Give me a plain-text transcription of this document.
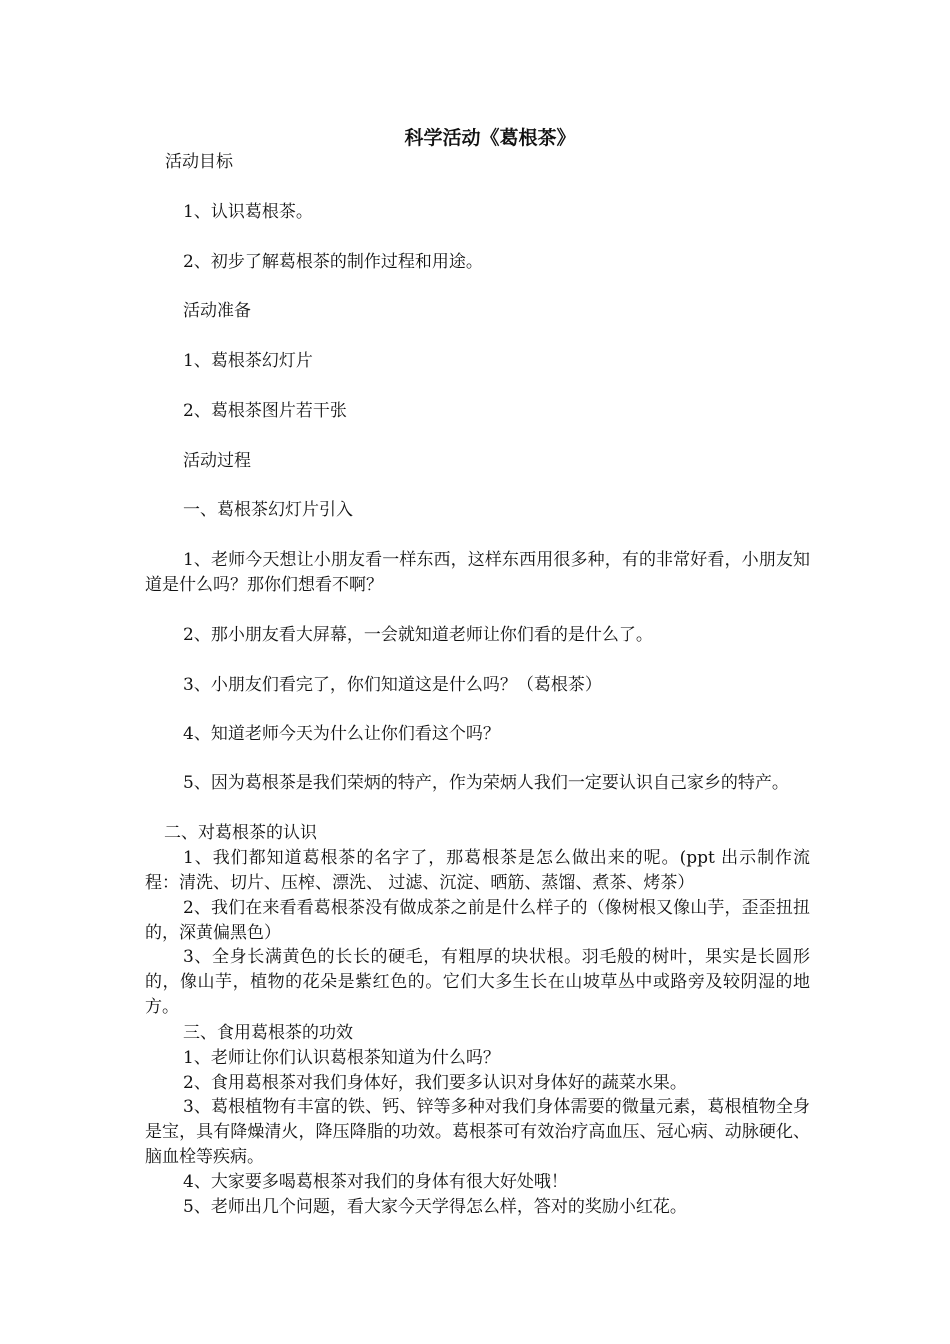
科学活动《葛根茶》
活动目标
1、认识葛根茶。
2、初步了解葛根茶的制作过程和用途。
活动准备
1、葛根茶幻灯片
2、葛根茶图片若干张
活动过程
一、葛根茶幻灯片引入
1、老师今天想让小朋友看一样东西，这样东西用很多种，有的非常好看，小朋友知道是什么吗？那你们想看不啊？
2、那小朋友看大屏幕，一会就知道老师让你们看的是什么了。
3、小朋友们看完了，你们知道这是什么吗？（葛根茶）
4、知道老师今天为什么让你们看这个吗？
5、因为葛根茶是我们荣炳的特产，作为荣炳人我们一定要认识自己家乡的特产。
二、对葛根茶的认识
1、我们都知道葛根茶的名字了，那葛根茶是怎么做出来的呢。(ppt 出示制作流程：清洗、切片、压榨、漂洗、 过滤、沉淀、晒筋、蒸馏、煮茶、烤茶）
2、我们在来看看葛根茶没有做成茶之前是什么样子的（像树根又像山芋，歪歪扭扭的，深黄偏黑色）
3、全身长满黄色的长长的硬毛，有粗厚的块状根。羽毛般的树叶，果实是长圆形的，像山芋，植物的花朵是紫红色的。它们大多生长在山坡草丛中或路旁及较阴湿的地方。
三、食用葛根茶的功效
1、老师让你们认识葛根茶知道为什么吗？
2、食用葛根茶对我们身体好，我们要多认识对身体好的蔬菜水果。
3、葛根植物有丰富的铁、钙、锌等多种对我们身体需要的微量元素，葛根植物全身是宝，具有降燥清火，降压降脂的功效。葛根茶可有效治疗高血压、冠心病、动脉硬化、脑血栓等疾病。
4、大家要多喝葛根茶对我们的身体有很大好处哦！
5、老师出几个问题，看大家今天学得怎么样，答对的奖励小红花。
